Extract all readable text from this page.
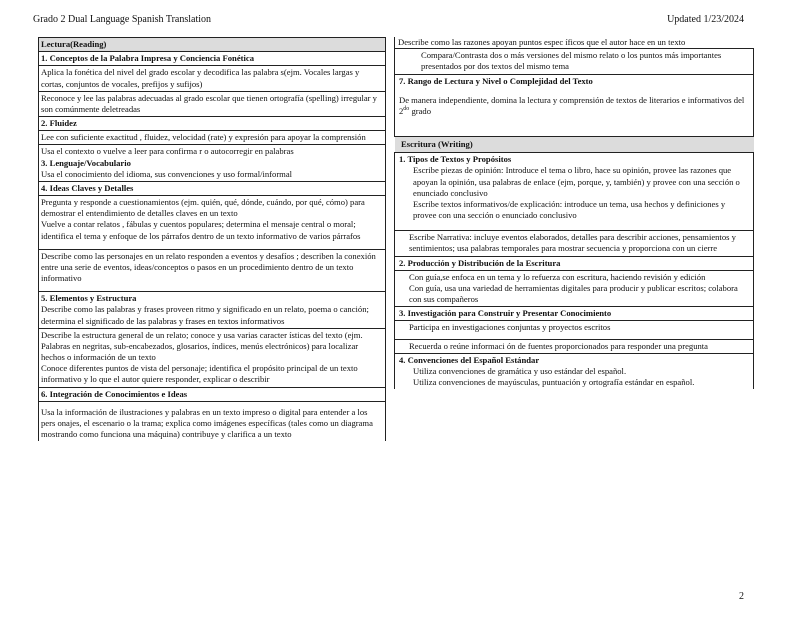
Grado 2 Dual Language Spanish Translation	Updated 1/23/2024
Lectura(Reading)
1. Conceptos de la Palabra Impresa y Conciencia Fonética
Aplica la fonética del nivel del grado escolar y decodifica las palabra s(ejm. Vocales largas y cortas, conjuntos de vocales, prefijos y sufijos)
Reconoce y lee las palabras adecuadas al grado escolar que tienen ortografía (spelling) irregular y son comúnmente deletreadas
2. Fluidez
Lee con suficiente exactitud , fluidez, velocidad (rate) y expresión para apoyar la comprensión
Usa el contexto o vuelve a leer para confirma r o autocorregir en palabras
3. Lenguaje/Vocabulario
Usa el conocimiento del idioma, sus convenciones y uso formal/informal
4. Ideas Claves y Detalles
Pregunta y responde a cuestionamientos (ejm. quién, qué, dónde, cuándo, por qué, cómo) para demostrar el entendimiento de detalles claves en un texto
Vuelve a contar relatos , fábulas y cuentos populares; determina el mensaje central o moral; identifica el tema y enfoque de los párrafos dentro de un texto informativo de varios párrafos
Describe como las personajes en un relato responden a eventos y desafíos ; describen la conexión entre una serie de eventos, ideas/conceptos o pasos en un procedimiento dentro de un texto informativo
5. Elementos y Estructura
Describe como las palabras y frases proveen ritmo y significado en un relato, poema o canción; determina el significado de las palabras y frases en textos informativos
Describe la estructura general de un relato; conoce y usa varias caracter ísticas del texto (ejm. Palabras en negritas, sub-encabezados, glosarios, índices, menús electrónicos) para localizar hechos o información de un texto
Conoce diferentes puntos de vista del personaje; identifica el propósito principal de un texto informativo y lo que el autor quiere responder, explicar o describir
6. Integración de Conocimientos e Ideas
Usa la información de ilustraciones y palabras en un texto impreso o digital para entender a los pers onajes, el escenario o la trama; explica como imágenes específicas (tales como un diagrama mostrando como funciona una máquina) contribuye y clarifica a un texto
Describe como las razones apoyan puntos espec íficos que el autor hace en un texto
Compara/Contrasta dos o más versiones del mismo relato o los puntos más importantes presentados por dos textos del mismo tema
7. Rango de Lectura y Nivel o Complejidad del Texto
De manera independiente, domina la lectura y comprensión de textos de literarios e informativos del $2^{do}$ grado
Escritura (Writing)
1. Tipos de Textos y Propósitos
Escribe piezas de opinión: Introduce el tema o libro, hace su opinión, provee las razones que apoyan la opinión, usa palabras de enlace (ejm, porque, y, también) y provee con una sección o enunciado conclusivo
Escribe textos informativos/de explicación: introduce un tema, usa hechos y definiciones y provee con una sección o enunciado conclusivo
Escribe Narrativa: incluye eventos elaborados, detalles para describir acciones, pensamientos y sentimientos; usa palabras temporales para mostrar secuencia y proporciona con un cierre
2. Producción y Distribución de la Escritura
Con guía,se enfoca en un tema y lo refuerza con escritura, haciendo revisión y edición
Con guía, usa una variedad de herramientas digitales para producir y publicar escritos; colabora con sus compañeros
3. Investigación para Construir y Presentar Conocimiento
Participa en investigaciones conjuntas y proyectos escritos
Recuerda o reúne informaci ón de fuentes proporcionados para responder una pregunta
4. Convenciones del Español Estándar
Utiliza convenciones de gramática y uso estándar del español.
Utiliza convenciones de mayúsculas, puntuación y ortografía estándar en español.
2
